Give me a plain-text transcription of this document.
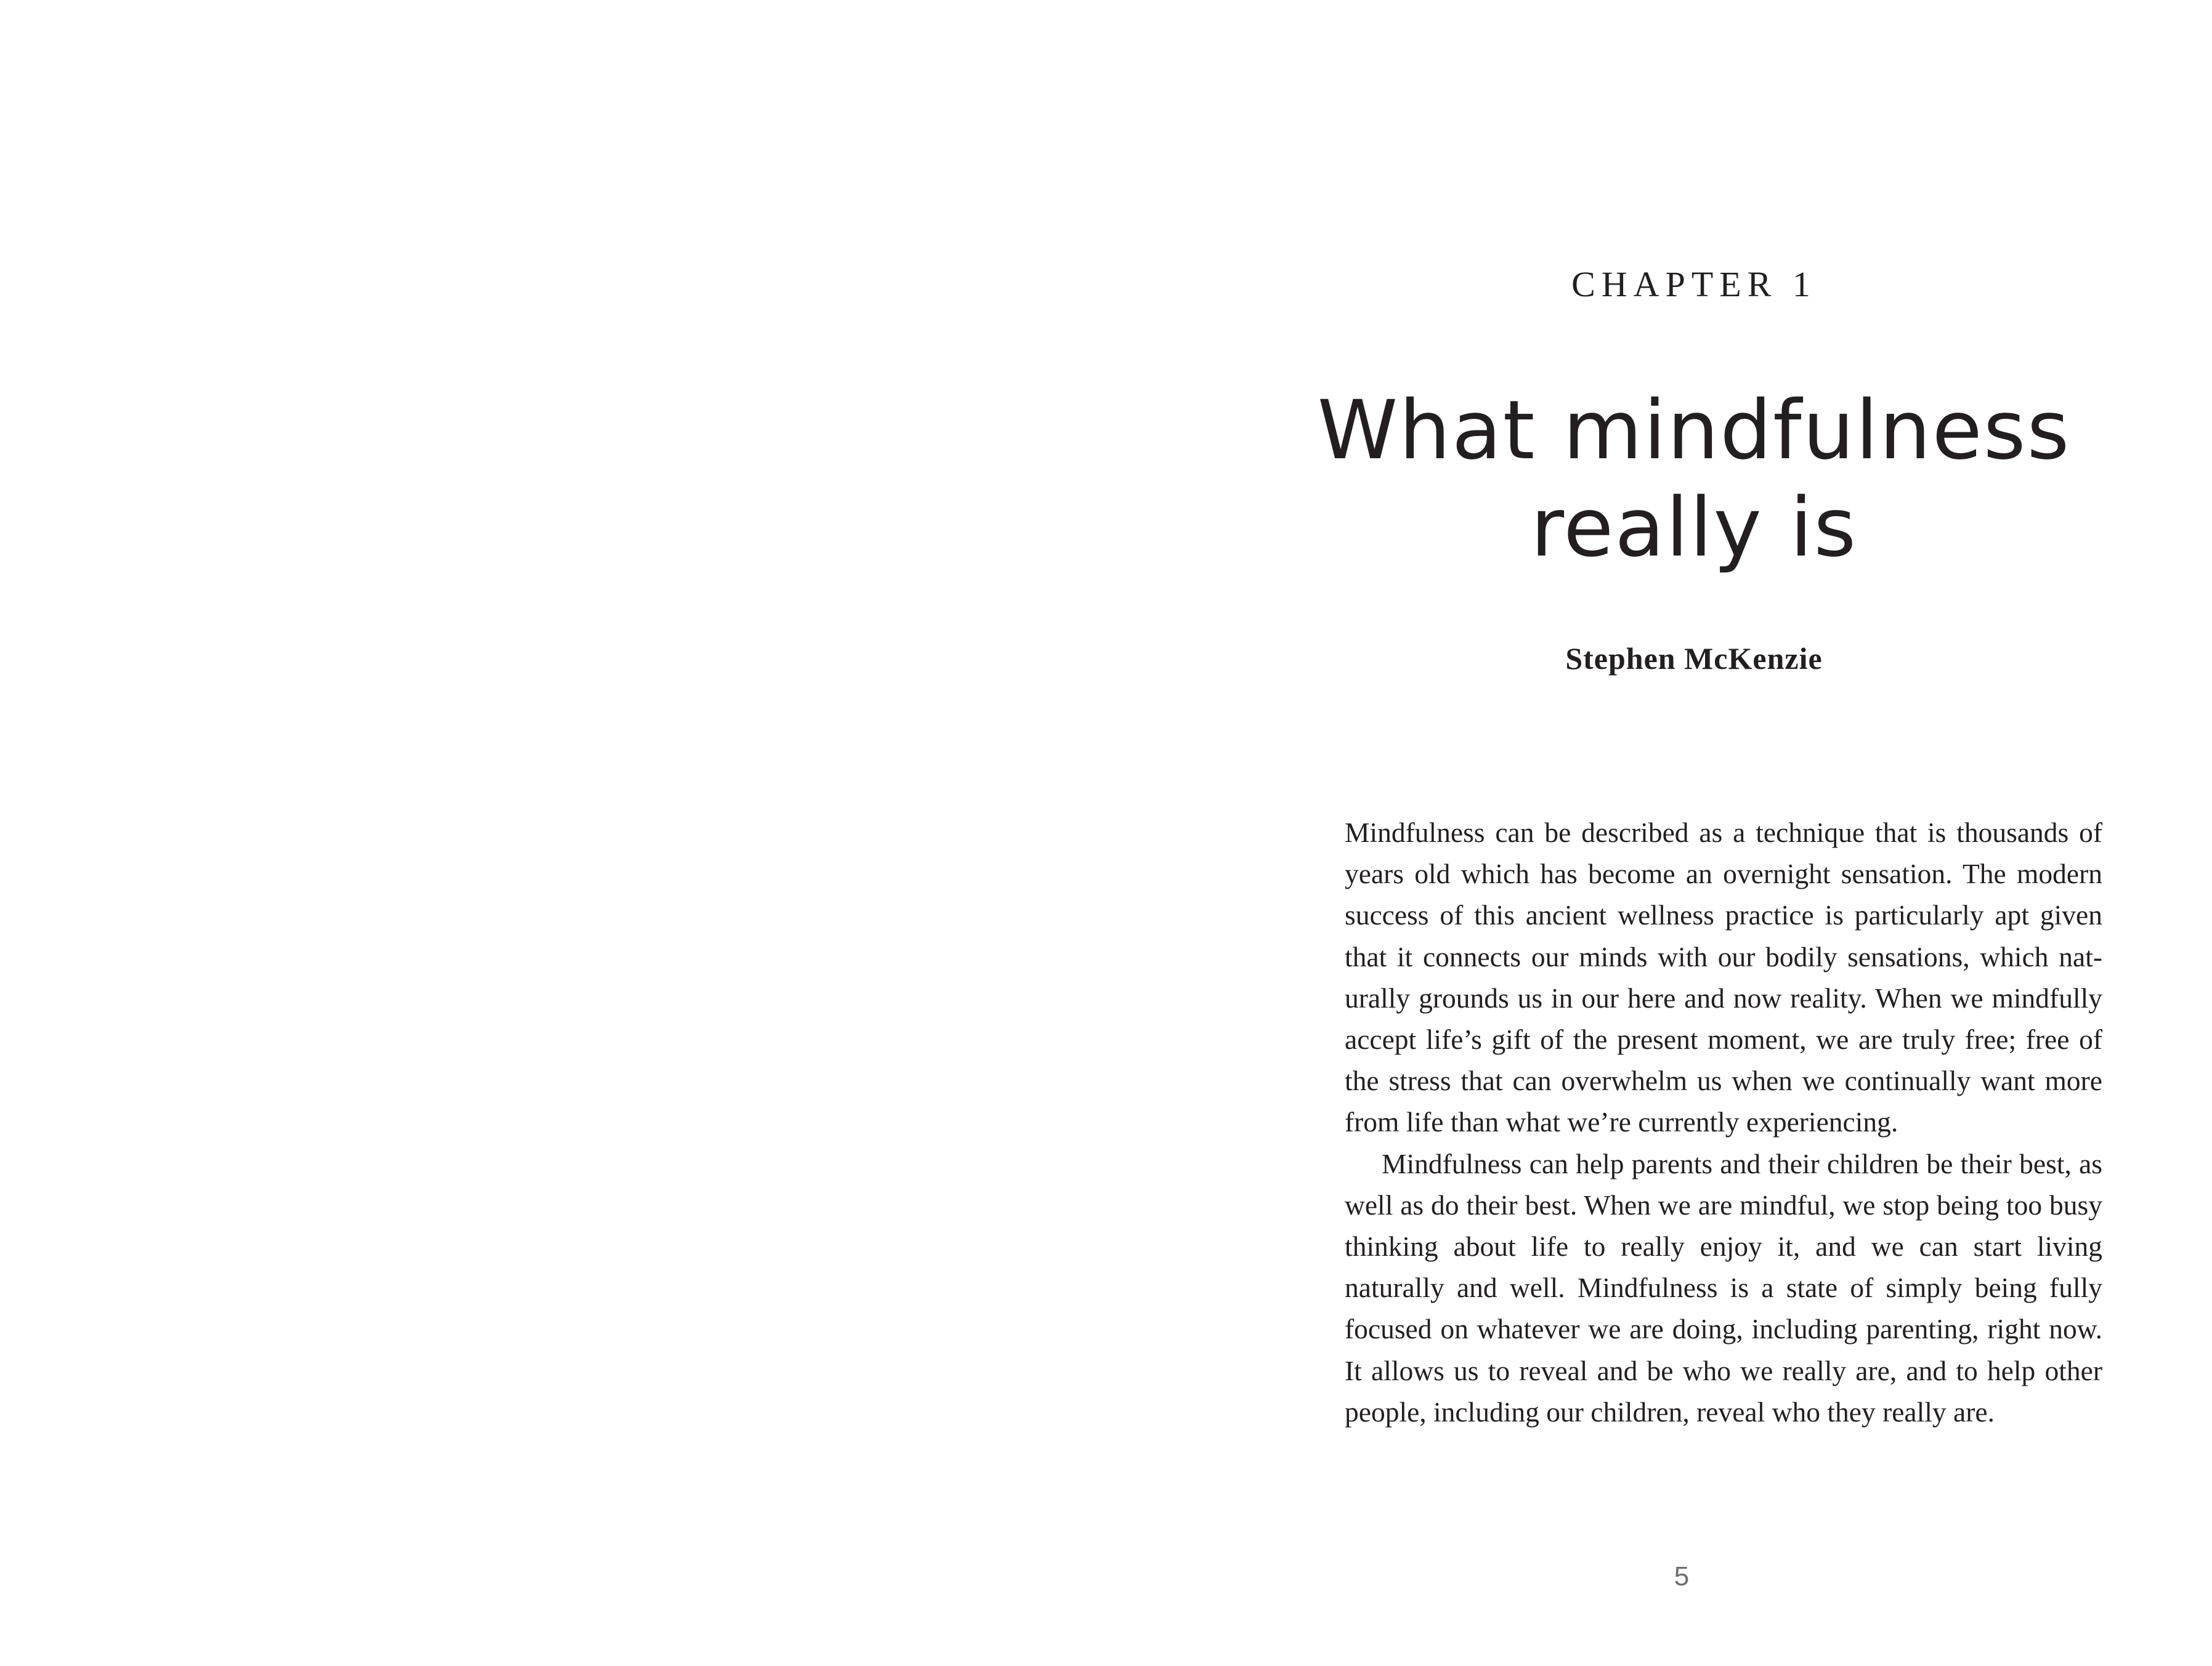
CHAPTER 1
What mindfulness
really is
Stephen McKenzie

Mindfulness can be described as a technique that is thousands of years old which has become an overnight sensation. The modern success of this ancient wellness practice is particularly apt given that it connects our minds with our bodily sensations, which naturally grounds us in our here and now reality. When we mindfully accept life’s gift of the present moment, we are truly free; free of the stress that can overwhelm us when we continually want more from life than what we’re currently experiencing.

Mindfulness can help parents and their children be their best, as well as do their best. When we are mindful, we stop being too busy thinking about life to really enjoy it, and we can start living naturally and well. Mindfulness is a state of simply being fully focused on whatever we are doing, including parenting, right now. It allows us to reveal and be who we really are, and to help other people, including our children, reveal who they really are.

5
